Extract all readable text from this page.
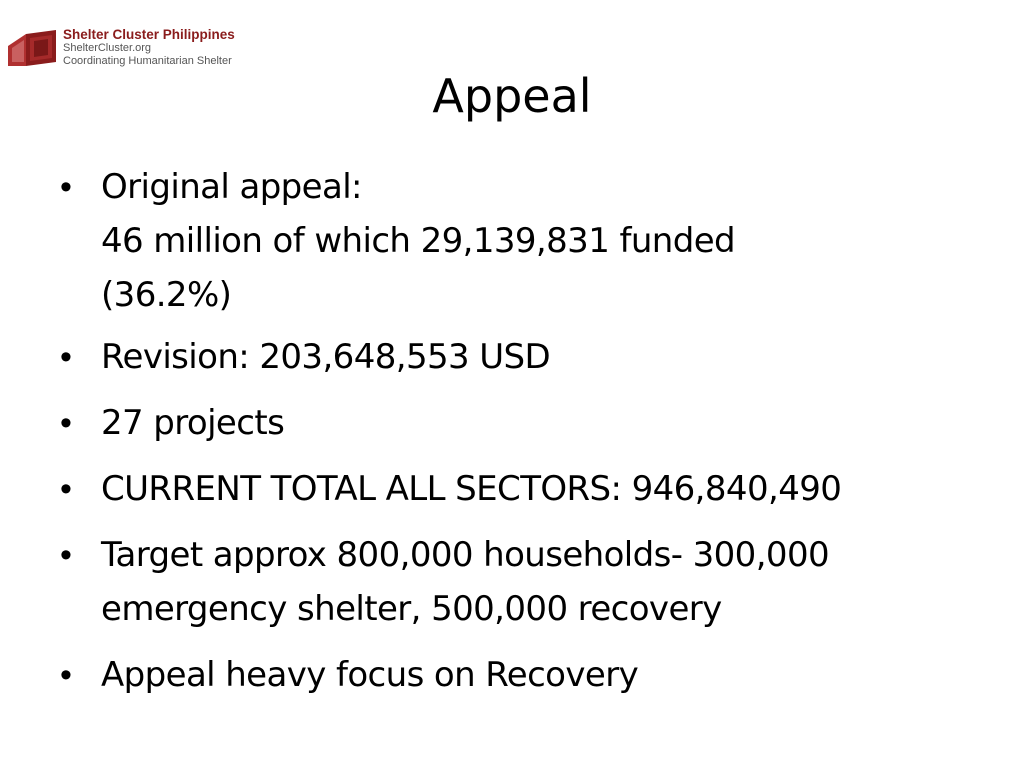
Shelter Cluster Philippines
ShelterCluster.org
Coordinating Humanitarian Shelter
Appeal
• Original appeal:
46 million of which 29,139,831 funded
(36.2%)
• Revision: 203,648,553 USD
• 27 projects
• CURRENT TOTAL ALL SECTORS: 946,840,490
• Target approx 800,000 households- 300,000
emergency shelter, 500,000 recovery
• Appeal heavy focus on Recovery
